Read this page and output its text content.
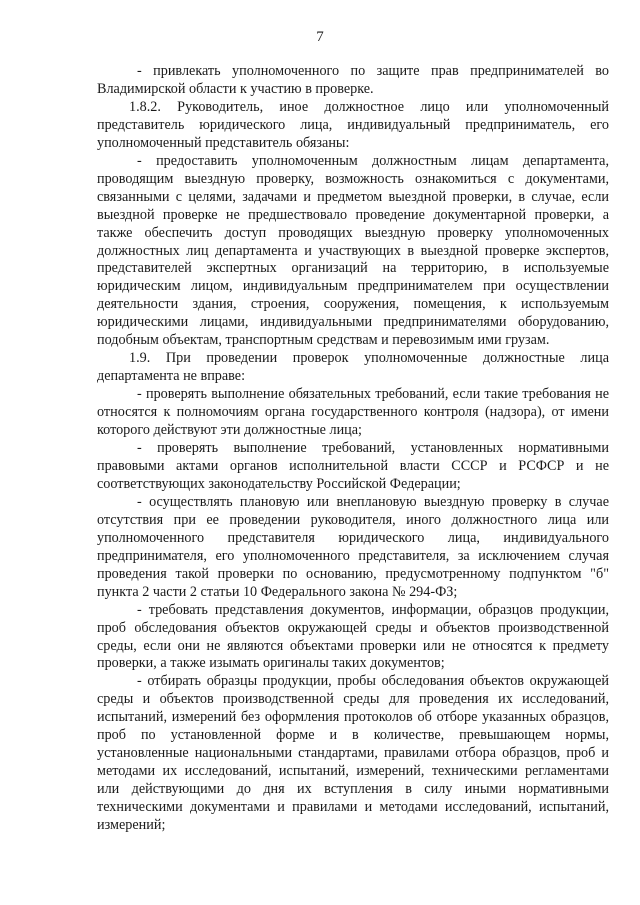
7

- привлекать уполномоченного по защите прав предпринимателей во Владимирской области к участию в проверке.

1.8.2. Руководитель, иное должностное лицо или уполномоченный представитель юридического лица, индивидуальный предприниматель, его уполномоченный представитель обязаны:

- предоставить уполномоченным должностным лицам департамента, проводящим выездную проверку, возможность ознакомиться с документами, связанными с целями, задачами и предметом выездной проверки, в случае, если выездной проверке не предшествовало проведение документарной проверки, а также обеспечить доступ проводящих выездную проверку уполномоченных должностных лиц департамента и участвующих в выездной проверке экспертов, представителей экспертных организаций на территорию, в используемые юридическим лицом, индивидуальным предпринимателем при осуществлении деятельности здания, строения, сооружения, помещения, к используемым юридическими лицами, индивидуальными предпринимателями оборудованию, подобным объектам, транспортным средствам и перевозимым ими грузам.

1.9. При проведении проверок уполномоченные должностные лица департамента не вправе:

- проверять выполнение обязательных требований, если такие требования не относятся к полномочиям органа государственного контроля (надзора), от имени которого действуют эти должностные лица;

- проверять выполнение требований, установленных нормативными правовыми актами органов исполнительной власти СССР и РСФСР и не соответствующих законодательству Российской Федерации;

- осуществлять плановую или внеплановую выездную проверку в случае отсутствия при ее проведении руководителя, иного должностного лица или уполномоченного представителя юридического лица, индивидуального предпринимателя, его уполномоченного представителя, за исключением случая проведения такой проверки по основанию, предусмотренному подпунктом "б" пункта 2 части 2 статьи 10 Федерального закона № 294-ФЗ;

- требовать представления документов, информации, образцов продукции, проб обследования объектов окружающей среды и объектов производственной среды, если они не являются объектами проверки или не относятся к предмету проверки, а также изымать оригиналы таких документов;

- отбирать образцы продукции, пробы обследования объектов окружающей среды и объектов производственной среды для проведения их исследований, испытаний, измерений без оформления протоколов об отборе указанных образцов, проб по установленной форме и в количестве, превышающем нормы, установленные национальными стандартами, правилами отбора образцов, проб и методами их исследований, испытаний, измерений, техническими регламентами или действующими до дня их вступления в силу иными нормативными техническими документами и правилами и методами исследований, испытаний, измерений;
